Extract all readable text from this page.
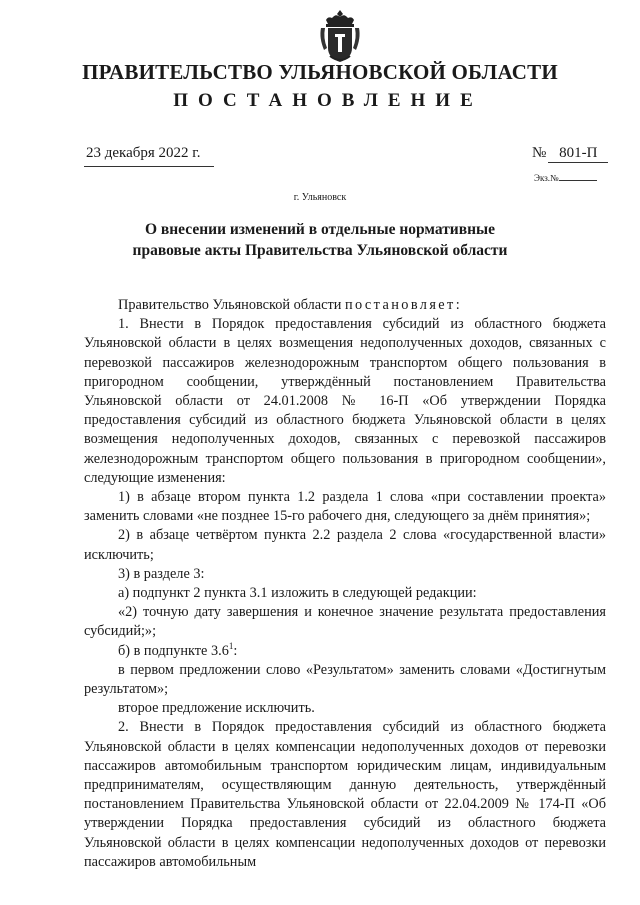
ПРАВИТЕЛЬСТВО УЛЬЯНОВСКОЙ ОБЛАСТИ
ПОСТАНОВЛЕНИЕ
23 декабря 2022 г.	№ 801-П
Экз.№
г. Ульяновск
О внесении изменений в отдельные нормативные
правовые акты Правительства Ульяновской области

Правительство Ульяновской области постановляет:

1. Внести в Порядок предоставления субсидий из областного бюджета Ульяновской области в целях возмещения недополученных доходов, связанных с перевозкой пассажиров железнодорожным транспортом общего пользования в пригородном сообщении, утверждённый постановлением Правительства Ульяновской области от 24.01.2008 № 16-П «Об утверждении Порядка предоставления субсидий из областного бюджета Ульяновской области в целях возмещения недополученных доходов, связанных с перевозкой пассажиров железнодорожным транспортом общего пользования в пригородном сообщении», следующие изменения:

1) в абзаце втором пункта 1.2 раздела 1 слова «при составлении проекта» заменить словами «не позднее 15-го рабочего дня, следующего за днём принятия»;

2) в абзаце четвёртом пункта 2.2 раздела 2 слова «государственной власти» исключить;

3) в разделе 3:

а) подпункт 2 пункта 3.1 изложить в следующей редакции:

«2) точную дату завершения и конечное значение результата предоставления субсидий;»;

б) в подпункте $3.6^1$:

в первом предложении слово «Результатом» заменить словами «Достигнутым результатом»;

второе предложение исключить.

2. Внести в Порядок предоставления субсидий из областного бюджета Ульяновской области в целях компенсации недополученных доходов от перевозки пассажиров автомобильным транспортом юридическим лицам, индивидуальным предпринимателям, осуществляющим данную деятельность, утверждённый постановлением Правительства Ульяновской области от 22.04.2009 № 174-П «Об утверждении Порядка предоставления субсидий из областного бюджета Ульяновской области в целях компенсации недополученных доходов от перевозки пассажиров автомобильным
